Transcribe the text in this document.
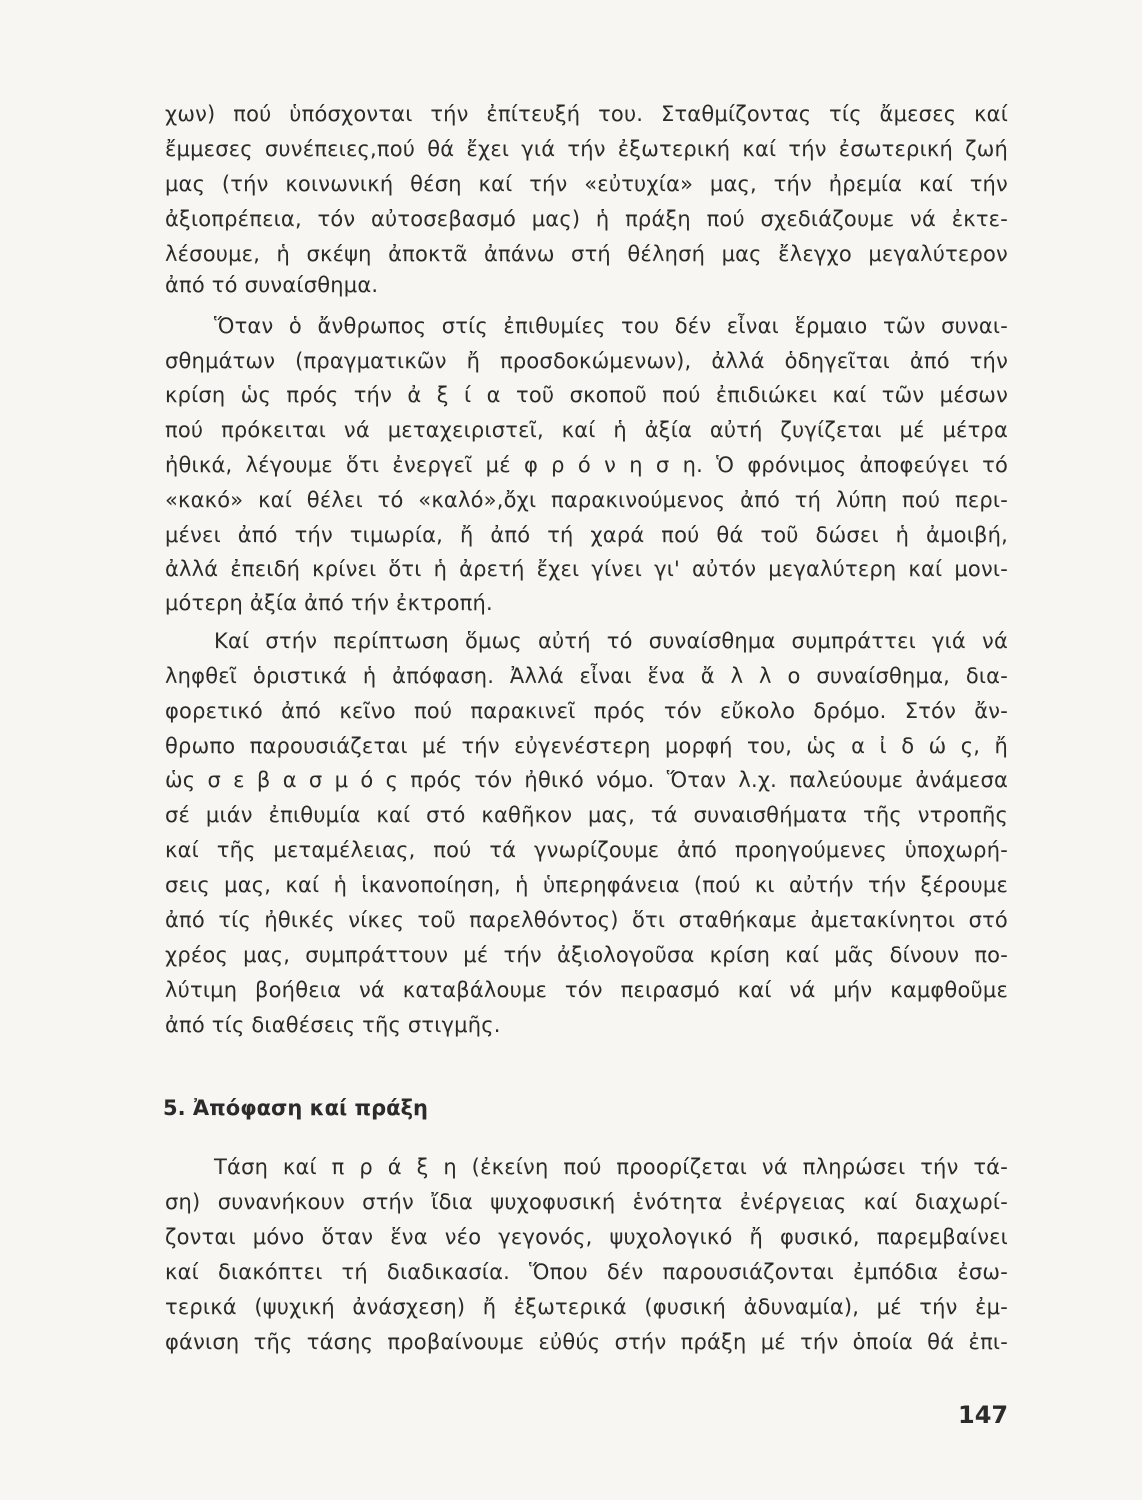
χων) πού ὑπόσχονται τήν ἐπίτευξή του. Σταθμίζοντας τίς ἄμεσες καί
ἔμμεσες συνέπειες,πού θά ἔχει γιά τήν ἐξωτερική καί τήν ἐσωτερική ζωή
μας (τήν κοινωνική θέση καί τήν «εὐτυχία» μας, τήν ἠρεμία καί τήν
ἀξιοπρέπεια, τόν αὐτοσεβασμό μας) ἡ πράξη πού σχεδιάζουμε νά ἐκτε-
λέσουμε, ἡ σκέψη ἀποκτᾶ ἀπάνω στή θέλησή μας ἔλεγχο μεγαλύτερον
ἀπό τό συναίσθημα.
Ὅταν ὁ ἄνθρωπος στίς ἐπιθυμίες του δέν εἶναι ἕρμαιο τῶν συναι-
σθημάτων (πραγματικῶν ἤ προσδοκώμενων), ἀλλά ὁδηγεῖται ἀπό τήν
κρίση ὡς πρός τήν ἀ ξ ί α τοῦ σκοποῦ πού ἐπιδιώκει καί τῶν μέσων
πού πρόκειται νά μεταχειριστεῖ, καί ἡ ἀξία αὐτή ζυγίζεται μέ μέτρα
ἠθικά, λέγουμε ὅτι ἐνεργεῖ μέ φ ρ ό ν η σ η. Ὁ φρόνιμος ἀποφεύγει τό
«κακό» καί θέλει τό «καλό»,ὄχι παρακινούμενος ἀπό τή λύπη πού περι-
μένει ἀπό τήν τιμωρία, ἤ ἀπό τή χαρά πού θά τοῦ δώσει ἡ ἀμοιβή,
ἀλλά ἐπειδή κρίνει ὅτι ἡ ἀρετή ἔχει γίνει γι' αὐτόν μεγαλύτερη καί μονι-
μότερη ἀξία ἀπό τήν ἐκτροπή.
Καί στήν περίπτωση ὅμως αὐτή τό συναίσθημα συμπράττει γιά νά
ληφθεῖ ὁριστικά ἡ ἀπόφαση. Ἀλλά εἶναι ἕνα ἄ λ λ ο συναίσθημα, δια-
φορετικό ἀπό κεῖνο πού παρακινεῖ πρός τόν εὔκολο δρόμο. Στόν ἄν-
θρωπο παρουσιάζεται μέ τήν εὐγενέστερη μορφή του, ὡς α ἰ δ ώ ς, ἤ
ὡς σ ε β α σ μ ό ς πρός τόν ἠθικό νόμο. Ὅταν λ.χ. παλεύουμε ἀνάμεσα
σέ μιάν ἐπιθυμία καί στό καθῆκον μας, τά συναισθήματα τῆς ντροπῆς
καί τῆς μεταμέλειας, πού τά γνωρίζουμε ἀπό προηγούμενες ὑποχωρή-
σεις μας, καί ἡ ἱκανοποίηση, ἡ ὑπερηφάνεια (πού κι αὐτήν τήν ξέρουμε
ἀπό τίς ἠθικές νίκες τοῦ παρελθόντος) ὅτι σταθήκαμε ἀμετακίνητοι στό
χρέος μας, συμπράττουν μέ τήν ἀξιολογοῦσα κρίση καί μᾶς δίνουν πο-
λύτιμη βοήθεια νά καταβάλουμε τόν πειρασμό καί νά μήν καμφθοῦμε
ἀπό τίς διαθέσεις τῆς στιγμῆς.
5. Ἀπόφαση καί πράξη
Τάση καί π ρ ά ξ η (ἐκείνη πού προορίζεται νά πληρώσει τήν τά-
ση) συνανήκουν στήν ἴδια ψυχοφυσική ἑνότητα ἐνέργειας καί διαχωρί-
ζονται μόνο ὅταν ἕνα νέο γεγονός, ψυχολογικό ἤ φυσικό, παρεμβαίνει
καί διακόπτει τή διαδικασία. Ὅπου δέν παρουσιάζονται ἐμπόδια ἐσω-
τερικά (ψυχική ἀνάσχεση) ἤ ἐξωτερικά (φυσική ἀδυναμία), μέ τήν ἐμ-
φάνιση τῆς τάσης προβαίνουμε εὐθύς στήν πράξη μέ τήν ὁποία θά ἐπι-
147
